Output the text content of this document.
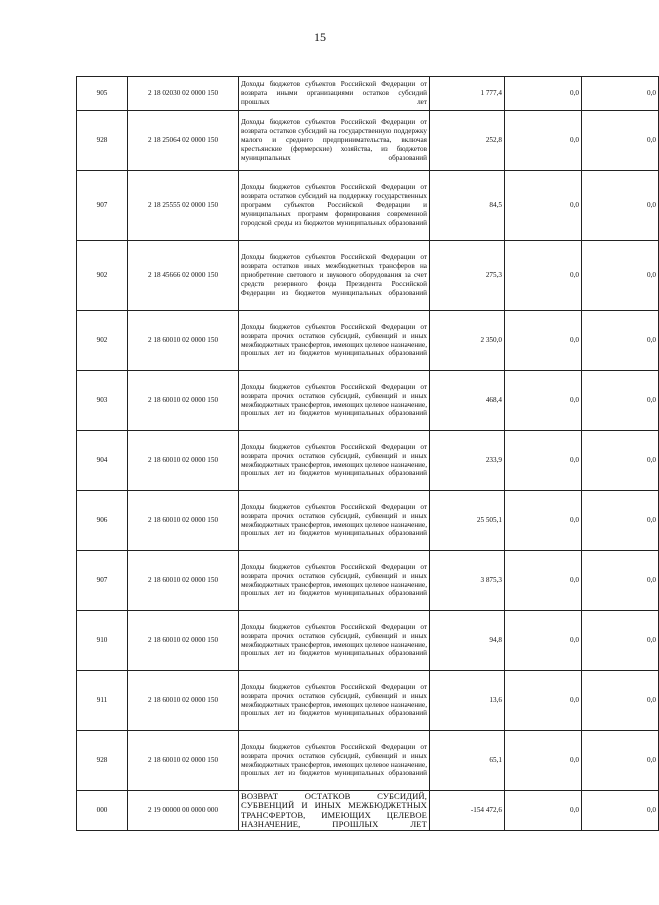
15
905	2 18 02030 02 0000 150	Доходы бюджетов субъектов Российской Федерации от возврата иными организациями остатков субсидий прошлых лет	1 777,4	0,0	0,0
928	2 18 25064 02 0000 150	Доходы бюджетов субъектов Российской Федерации от возврата остатков субсидий на государственную поддержку малого и среднего предпринимательства, включая крестьянские (фермерские) хозяйства, из бюджетов муниципальных образований	252,8	0,0	0,0
907	2 18 25555 02 0000 150	Доходы бюджетов субъектов Российской Федерации от возврата остатков субсидий на поддержку государственных программ субъектов Российской Федерации и муниципальных программ формирования современной городской среды из бюджетов муниципальных образований	84,5	0,0	0,0
902	2 18 45666 02 0000 150	Доходы бюджетов субъектов Российской Федерации от возврата остатков иных межбюджетных трансферов на приобретение светового и звукового оборудования за счет средств резервного фонда Президента Российской Федерации из бюджетов муниципальных образований	275,3	0,0	0,0
902	2 18 60010 02 0000 150	Доходы бюджетов субъектов Российской Федерации от возврата прочих остатков субсидий, субвенций и иных межбюджетных трансфертов, имеющих целевое назначение, прошлых лет из бюджетов муниципальных образований	2 350,0	0,0	0,0
903	2 18 60010 02 0000 150	Доходы бюджетов субъектов Российской Федерации от возврата прочих остатков субсидий, субвенций и иных межбюджетных трансфертов, имеющих целевое назначение, прошлых лет из бюджетов муниципальных образований	468,4	0,0	0,0
904	2 18 60010 02 0000 150	Доходы бюджетов субъектов Российской Федерации от возврата прочих остатков субсидий, субвенций и иных межбюджетных трансфертов, имеющих целевое назначение, прошлых лет из бюджетов муниципальных образований	233,9	0,0	0,0
906	2 18 60010 02 0000 150	Доходы бюджетов субъектов Российской Федерации от возврата прочих остатков субсидий, субвенций и иных межбюджетных трансфертов, имеющих целевое назначение, прошлых лет из бюджетов муниципальных образований	25 505,1	0,0	0,0
907	2 18 60010 02 0000 150	Доходы бюджетов субъектов Российской Федерации от возврата прочих остатков субсидий, субвенций и иных межбюджетных трансфертов, имеющих целевое назначение, прошлых лет из бюджетов муниципальных образований	3 875,3	0,0	0,0
910	2 18 60010 02 0000 150	Доходы бюджетов субъектов Российской Федерации от возврата прочих остатков субсидий, субвенций и иных межбюджетных трансфертов, имеющих целевое назначение, прошлых лет из бюджетов муниципальных образований	94,8	0,0	0,0
911	2 18 60010 02 0000 150	Доходы бюджетов субъектов Российской Федерации от возврата прочих остатков субсидий, субвенций и иных межбюджетных трансфертов, имеющих целевое назначение, прошлых лет из бюджетов муниципальных образований	13,6	0,0	0,0
928	2 18 60010 02 0000 150	Доходы бюджетов субъектов Российской Федерации от возврата прочих остатков субсидий, субвенций и иных межбюджетных трансфертов, имеющих целевое назначение, прошлых лет из бюджетов муниципальных образований	65,1	0,0	0,0
000	2 19 00000 00 0000 000	ВОЗВРАТ ОСТАТКОВ СУБСИДИЙ, СУБВЕНЦИЙ И ИНЫХ МЕЖБЮДЖЕТНЫХ ТРАНСФЕРТОВ, ИМЕЮЩИХ ЦЕЛЕВОЕ НАЗНАЧЕНИЕ, ПРОШЛЫХ ЛЕТ	-154 472,6	0,0	0,0
